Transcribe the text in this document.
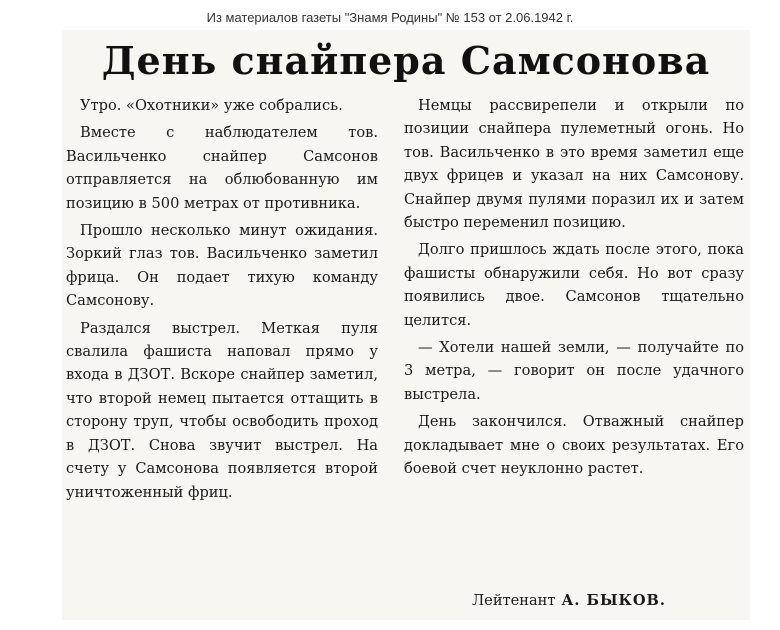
Из материалов газеты "Знамя Родины" № 153 от 2.06.1942 г.
День снайпера Самсонова

Утро. «Охотники» уже собрались.

Вместе с наблюдателем тов. Васильченко снайпер Самсонов отправляется на облюбованную им позицию в 500 метрах от противника.

Прошло несколько минут ожидания. Зоркий глаз тов. Васильченко заметил фрица. Он подает тихую команду Самсонову.

Раздался выстрел. Меткая пуля свалила фашиста наповал прямо у входа в ДЗОТ. Вскоре снайпер заметил, что второй немец пытается оттащить в сторону труп, чтобы освободить проход в ДЗОТ. Снова звучит выстрел. На счету у Самсонова появляется второй уничтоженный фриц.

Немцы рассвирепели и открыли по позиции снайпера пулеметный огонь. Но тов. Васильченко в это время заметил еще двух фрицев и указал на них Самсонову. Снайпер двумя пулями поразил их и затем быстро переменил позицию.

Долго пришлось ждать после этого, пока фашисты обнаружили себя. Но вот сразу появились двое. Самсонов тщательно целится.

— Хотели нашей земли, — получайте по 3 метра, — говорит он после удачного выстрела.

День закончился. Отважный снайпер докладывает мне о своих результатах. Его боевой счет неуклонно растет.

Лейтенант А. БЫКОВ.
